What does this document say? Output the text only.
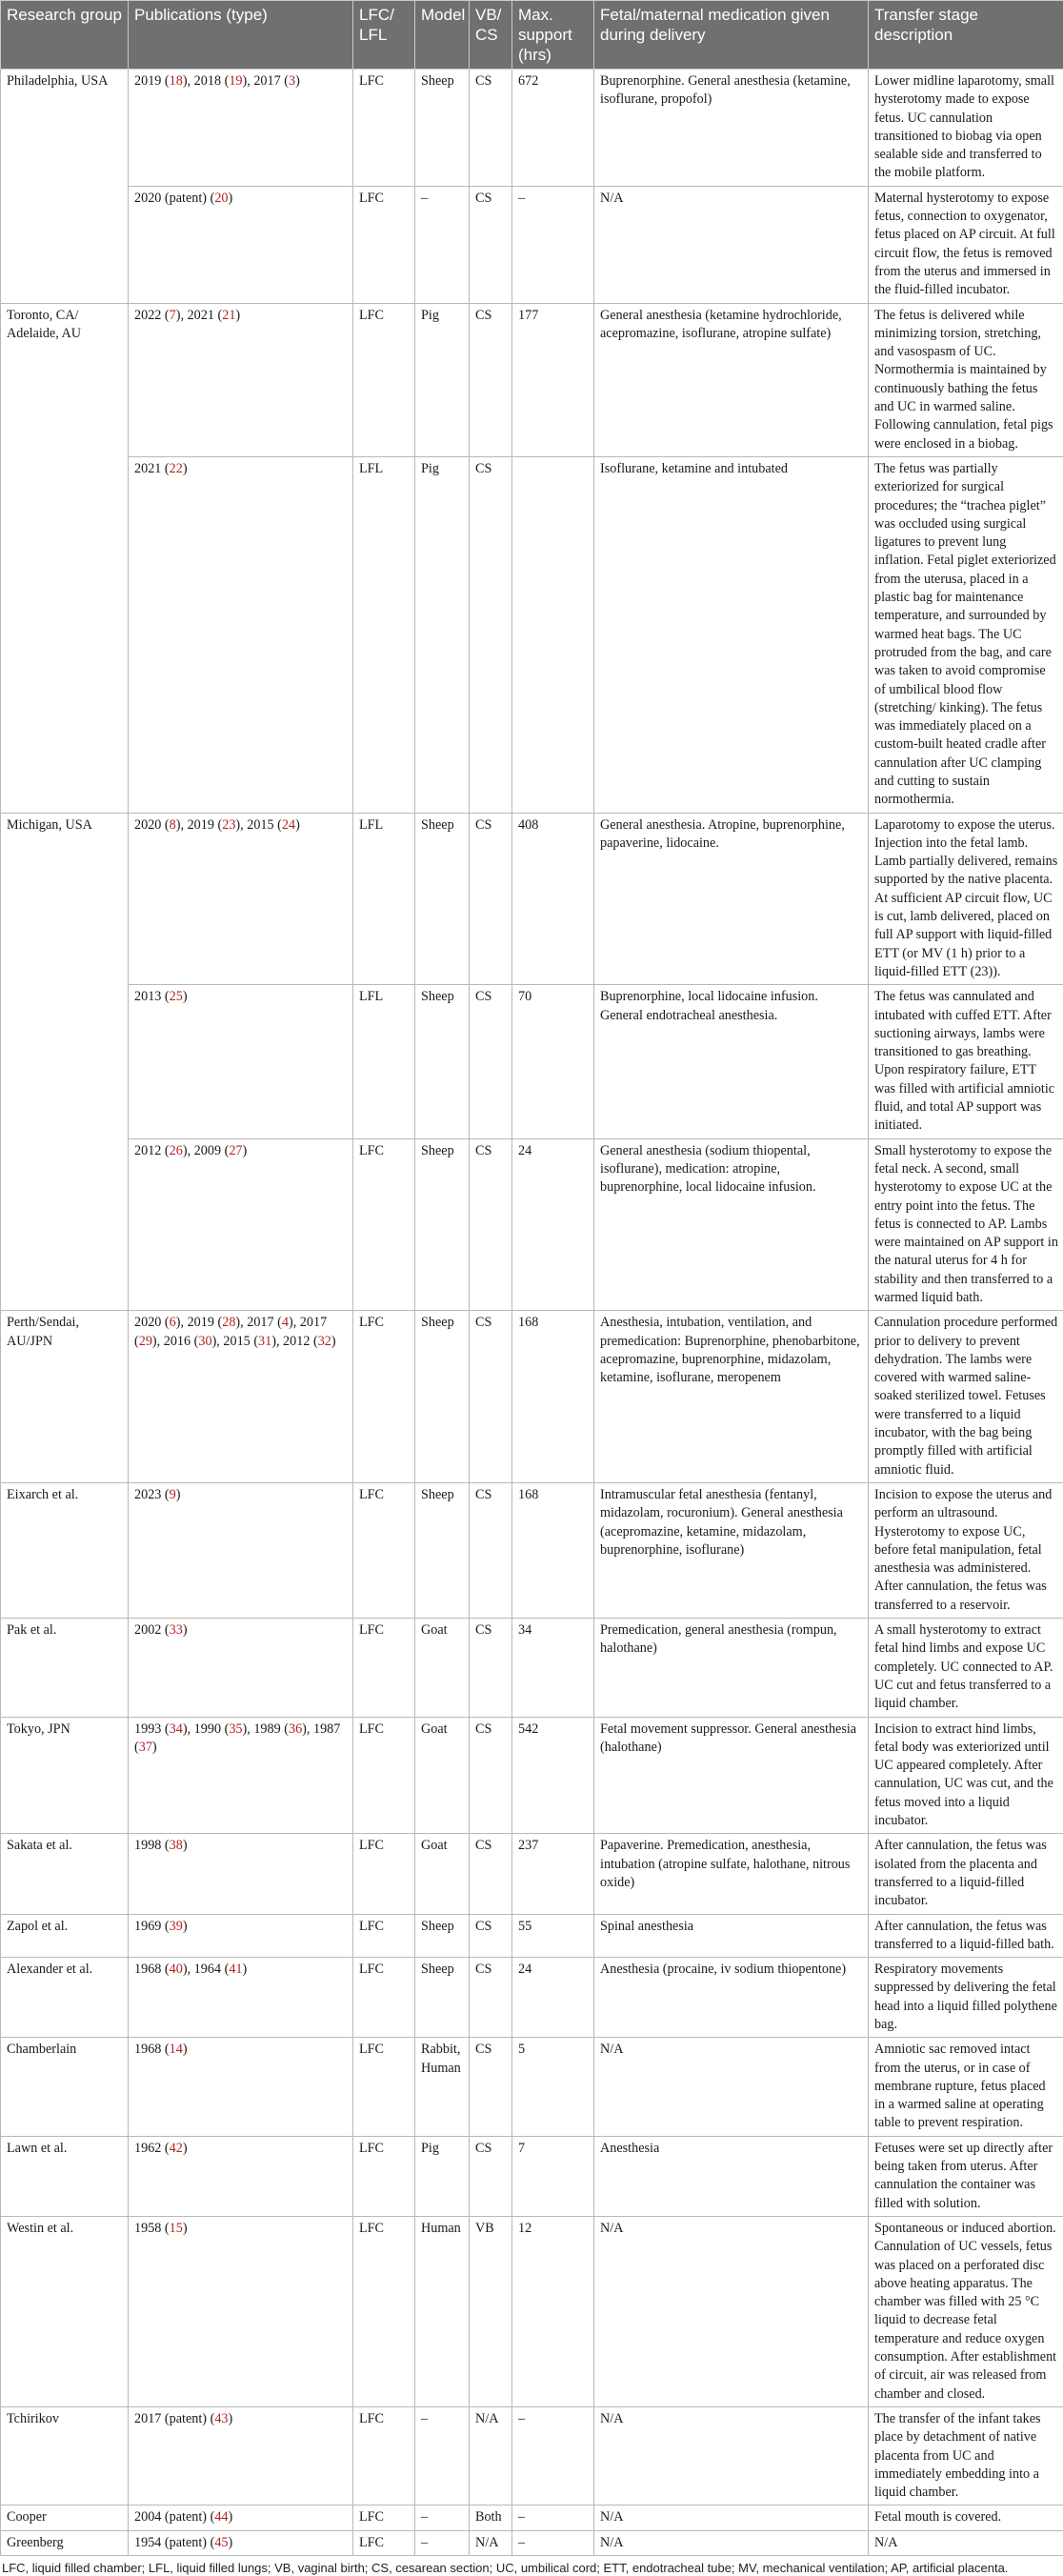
Research group	Publications (type)	LFC/ LFL	Model	VB/ CS	Max. support (hrs)	Fetal/maternal medication given during delivery	Transfer stage description
Philadelphia, USA	2019 (18), 2018 (19), 2017 (3)	LFC	Sheep	CS	672	Buprenorphine. General anesthesia (ketamine, isoflurane, propofol)	Lower midline laparotomy, small hysterotomy made to expose fetus. UC cannulation transitioned to biobag via open sealable side and transferred to the mobile platform.
	2020 (patent) (20)	LFC	–	CS	–	N/A	Maternal hysterotomy to expose fetus, connection to oxygenator, fetus placed on AP circuit. At full circuit flow, the fetus is removed from the uterus and immersed in the fluid-filled incubator.
Toronto, CA/ Adelaide, AU	2022 (7), 2021 (21)	LFC	Pig	CS	177	General anesthesia (ketamine hydrochloride, acepromazine, isoflurane, atropine sulfate)	The fetus is delivered while minimizing torsion, stretching, and vasospasm of UC. Normothermia is maintained by continuously bathing the fetus and UC in warmed saline. Following cannulation, fetal pigs were enclosed in a biobag.
	2021 (22)	LFL	Pig	CS		Isoflurane, ketamine and intubated	The fetus was partially exteriorized for surgical procedures; the “trachea piglet” was occluded using surgical ligatures to prevent lung inflation. Fetal piglet exteriorized from the uterusa, placed in a plastic bag for maintenance temperature, and surrounded by warmed heat bags. The UC protruded from the bag, and care was taken to avoid compromise of umbilical blood flow (stretching/ kinking). The fetus was immediately placed on a custom-built heated cradle after cannulation after UC clamping and cutting to sustain normothermia.
Michigan, USA	2020 (8), 2019 (23), 2015 (24)	LFL	Sheep	CS	408	General anesthesia. Atropine, buprenorphine, papaverine, lidocaine.	Laparotomy to expose the uterus. Injection into the fetal lamb. Lamb partially delivered, remains supported by the native placenta. At sufficient AP circuit flow, UC is cut, lamb delivered, placed on full AP support with liquid-filled ETT (or MV (1 h) prior to a liquid-filled ETT (23)).
	2013 (25)	LFL	Sheep	CS	70	Buprenorphine, local lidocaine infusion. General endotracheal anesthesia.	The fetus was cannulated and intubated with cuffed ETT. After suctioning airways, lambs were transitioned to gas breathing. Upon respiratory failure, ETT was filled with artificial amniotic fluid, and total AP support was initiated.
	2012 (26), 2009 (27)	LFC	Sheep	CS	24	General anesthesia (sodium thiopental, isoflurane), medication: atropine, buprenorphine, local lidocaine infusion.	Small hysterotomy to expose the fetal neck. A second, small hysterotomy to expose UC at the entry point into the fetus. The fetus is connected to AP. Lambs were maintained on AP support in the natural uterus for 4 h for stability and then transferred to a warmed liquid bath.
Perth/Sendai, AU/JPN	2020 (6), 2019 (28), 2017 (4), 2017 (29), 2016 (30), 2015 (31), 2012 (32)	LFC	Sheep	CS	168	Anesthesia, intubation, ventilation, and premedication: Buprenorphine, phenobarbitone, acepromazine, buprenorphine, midazolam, ketamine, isoflurane, meropenem	Cannulation procedure performed prior to delivery to prevent dehydration. The lambs were covered with warmed saline-soaked sterilized towel. Fetuses were transferred to a liquid incubator, with the bag being promptly filled with artificial amniotic fluid.
Eixarch et al.	2023 (9)	LFC	Sheep	CS	168	Intramuscular fetal anesthesia (fentanyl, midazolam, rocuronium). General anesthesia (acepromazine, ketamine, midazolam, buprenorphine, isoflurane)	Incision to expose the uterus and perform an ultrasound. Hysterotomy to expose UC, before fetal manipulation, fetal anesthesia was administered. After cannulation, the fetus was transferred to a reservoir.
Pak et al.	2002 (33)	LFC	Goat	CS	34	Premedication, general anesthesia (rompun, halothane)	A small hysterotomy to extract fetal hind limbs and expose UC completely. UC connected to AP. UC cut and fetus transferred to a liquid chamber.
Tokyo, JPN	1993 (34), 1990 (35), 1989 (36), 1987 (37)	LFC	Goat	CS	542	Fetal movement suppressor. General anesthesia (halothane)	Incision to extract hind limbs, fetal body was exteriorized until UC appeared completely. After cannulation, UC was cut, and the fetus moved into a liquid incubator.
Sakata et al.	1998 (38)	LFC	Goat	CS	237	Papaverine. Premedication, anesthesia, intubation (atropine sulfate, halothane, nitrous oxide)	After cannulation, the fetus was isolated from the placenta and transferred to a liquid-filled incubator.
Zapol et al.	1969 (39)	LFC	Sheep	CS	55	Spinal anesthesia	After cannulation, the fetus was transferred to a liquid-filled bath.
Alexander et al.	1968 (40), 1964 (41)	LFC	Sheep	CS	24	Anesthesia (procaine, iv sodium thiopentone)	Respiratory movements suppressed by delivering the fetal head into a liquid filled polythene bag.
Chamberlain	1968 (14)	LFC	Rabbit, Human	CS	5	N/A	Amniotic sac removed intact from the uterus, or in case of membrane rupture, fetus placed in a warmed saline at operating table to prevent respiration.
Lawn et al.	1962 (42)	LFC	Pig	CS	7	Anesthesia	Fetuses were set up directly after being taken from uterus. After cannulation the container was filled with solution.
Westin et al.	1958 (15)	LFC	Human	VB	12	N/A	Spontaneous or induced abortion. Cannulation of UC vessels, fetus was placed on a perforated disc above heating apparatus. The chamber was filled with 25 °C liquid to decrease fetal temperature and reduce oxygen consumption. After establishment of circuit, air was released from chamber and closed.
Tchirikov	2017 (patent) (43)	LFC	–	N/A	–	N/A	The transfer of the infant takes place by detachment of native placenta from UC and immediately embedding into a liquid chamber.
Cooper	2004 (patent) (44)	LFC	–	Both	–	N/A	Fetal mouth is covered.
Greenberg	1954 (patent) (45)	LFC	–	N/A	–	N/A	N/A
LFC, liquid filled chamber; LFL, liquid filled lungs; VB, vaginal birth; CS, cesarean section; UC, umbilical cord; ETT, endotracheal tube; MV, mechanical ventilation; AP, artificial placenta.
